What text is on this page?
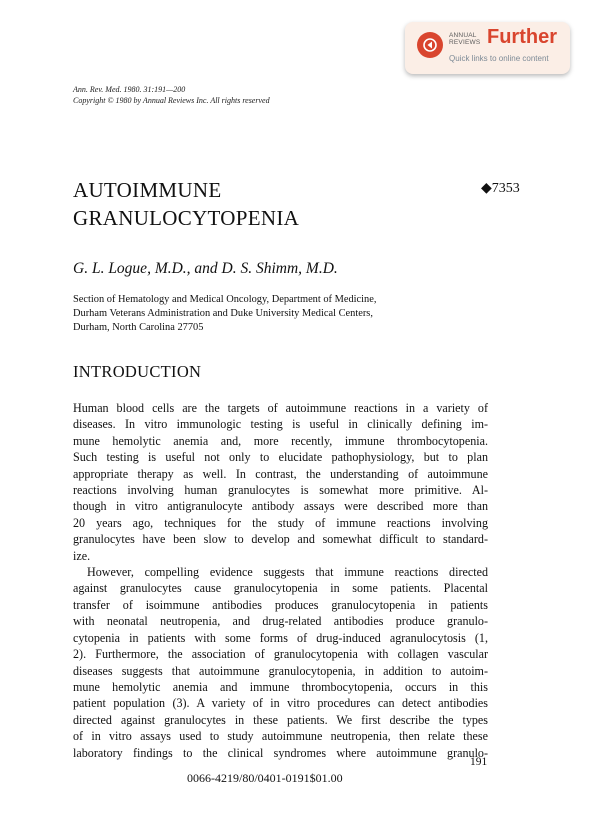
ANNUAL
REVIEWS Further
Quick links to online content
Ann. Rev. Med. 1980. 31:191—200
Copyright © 1980 by Annual Reviews Inc. All rights reserved
AUTOIMMUNE
GRANULOCYTOPENIA
◆7353
G. L. Logue, M.D., and D. S. Shimm, M.D.
Section of Hematology and Medical Oncology, Department of Medicine,
Durham Veterans Administration and Duke University Medical Centers,
Durham, North Carolina 27705
INTRODUCTION
Human blood cells are the targets of autoimmune reactions in a variety of
diseases. In vitro immunologic testing is useful in clinically defining im-
mune hemolytic anemia and, more recently, immune thrombocytopenia.
Such testing is useful not only to elucidate pathophysiology, but to plan
appropriate therapy as well. In contrast, the understanding of autoimmune
reactions involving human granulocytes is somewhat more primitive. Al-
though in vitro antigranulocyte antibody assays were described more than
20 years ago, techniques for the study of immune reactions involving
granulocytes have been slow to develop and somewhat difficult to standard-
ize.
However, compelling evidence suggests that immune reactions directed
against granulocytes cause granulocytopenia in some patients. Placental
transfer of isoimmune antibodies produces granulocytopenia in patients
with neonatal neutropenia, and drug-related antibodies produce granulo-
cytopenia in patients with some forms of drug-induced agranulocytosis (1,
2). Furthermore, the association of granulocytopenia with collagen vascular
diseases suggests that autoimmune granulocytopenia, in addition to autoim-
mune hemolytic anemia and immune thrombocytopenia, occurs in this
patient population (3). A variety of in vitro procedures can detect antibodies
directed against granulocytes in these patients. We first describe the types
of in vitro assays used to study autoimmune neutropenia, then relate these
laboratory findings to the clinical syndromes where autoimmune granulo-
191
0066-4219/80/0401-0191$01.00
